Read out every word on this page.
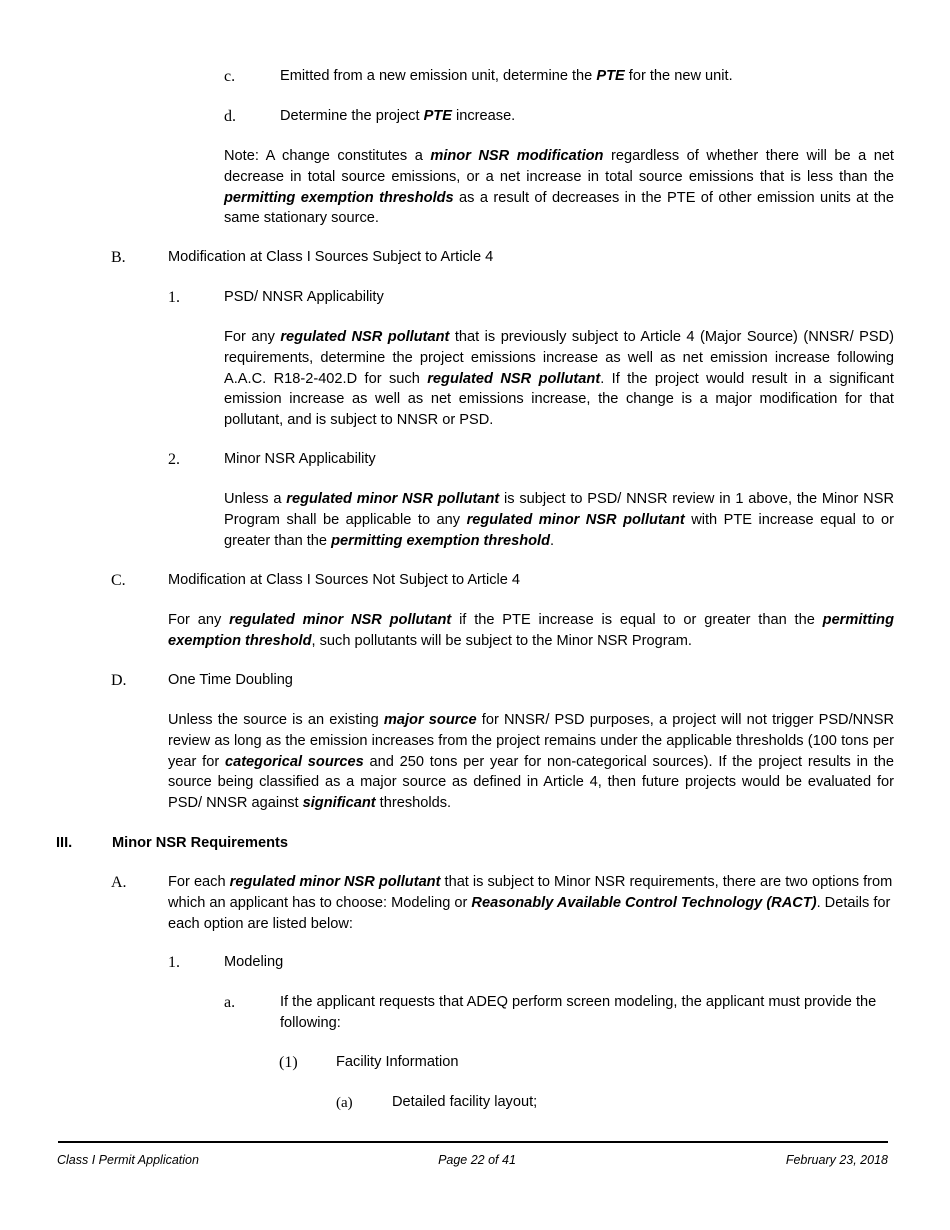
c.	Emitted from a new emission unit, determine the PTE for the new unit.
d.	Determine the project PTE increase.
Note: A change constitutes a minor NSR modification regardless of whether there will be a net decrease in total source emissions, or a net increase in total source emissions that is less than the permitting exemption thresholds as a result of decreases in the PTE of other emission units at the same stationary source.
B.	Modification at Class I Sources Subject to Article 4
1.	PSD/ NNSR Applicability
For any regulated NSR pollutant that is previously subject to Article 4 (Major Source) (NNSR/ PSD) requirements, determine the project emissions increase as well as net emission increase following A.A.C. R18-2-402.D for such regulated NSR pollutant. If the project would result in a significant emission increase as well as net emissions increase, the change is a major modification for that pollutant, and is subject to NNSR or PSD.
2.	Minor NSR Applicability
Unless a regulated minor NSR pollutant is subject to PSD/ NNSR review in 1 above, the Minor NSR Program shall be applicable to any regulated minor NSR pollutant with PTE increase equal to or greater than the permitting exemption threshold.
C.	Modification at Class I Sources Not Subject to Article 4
For any regulated minor NSR pollutant if the PTE increase is equal to or greater than the permitting exemption threshold, such pollutants will be subject to the Minor NSR Program.
D.	One Time Doubling
Unless the source is an existing major source for NNSR/ PSD purposes, a project will not trigger PSD/NNSR review as long as the emission increases from the project remains under the applicable thresholds (100 tons per year for categorical sources and 250 tons per year for non-categorical sources). If the project results in the source being classified as a major source as defined in Article 4, then future projects would be evaluated for PSD/ NNSR against significant thresholds.
III.	Minor NSR Requirements
A.	For each regulated minor NSR pollutant that is subject to Minor NSR requirements, there are two options from which an applicant has to choose: Modeling or Reasonably Available Control Technology (RACT). Details for each option are listed below:
1.	Modeling
a.	If the applicant requests that ADEQ perform screen modeling, the applicant must provide the following:
(1)	Facility Information
(a)	Detailed facility layout;
Class I Permit Application	Page 22 of 41	February 23, 2018
